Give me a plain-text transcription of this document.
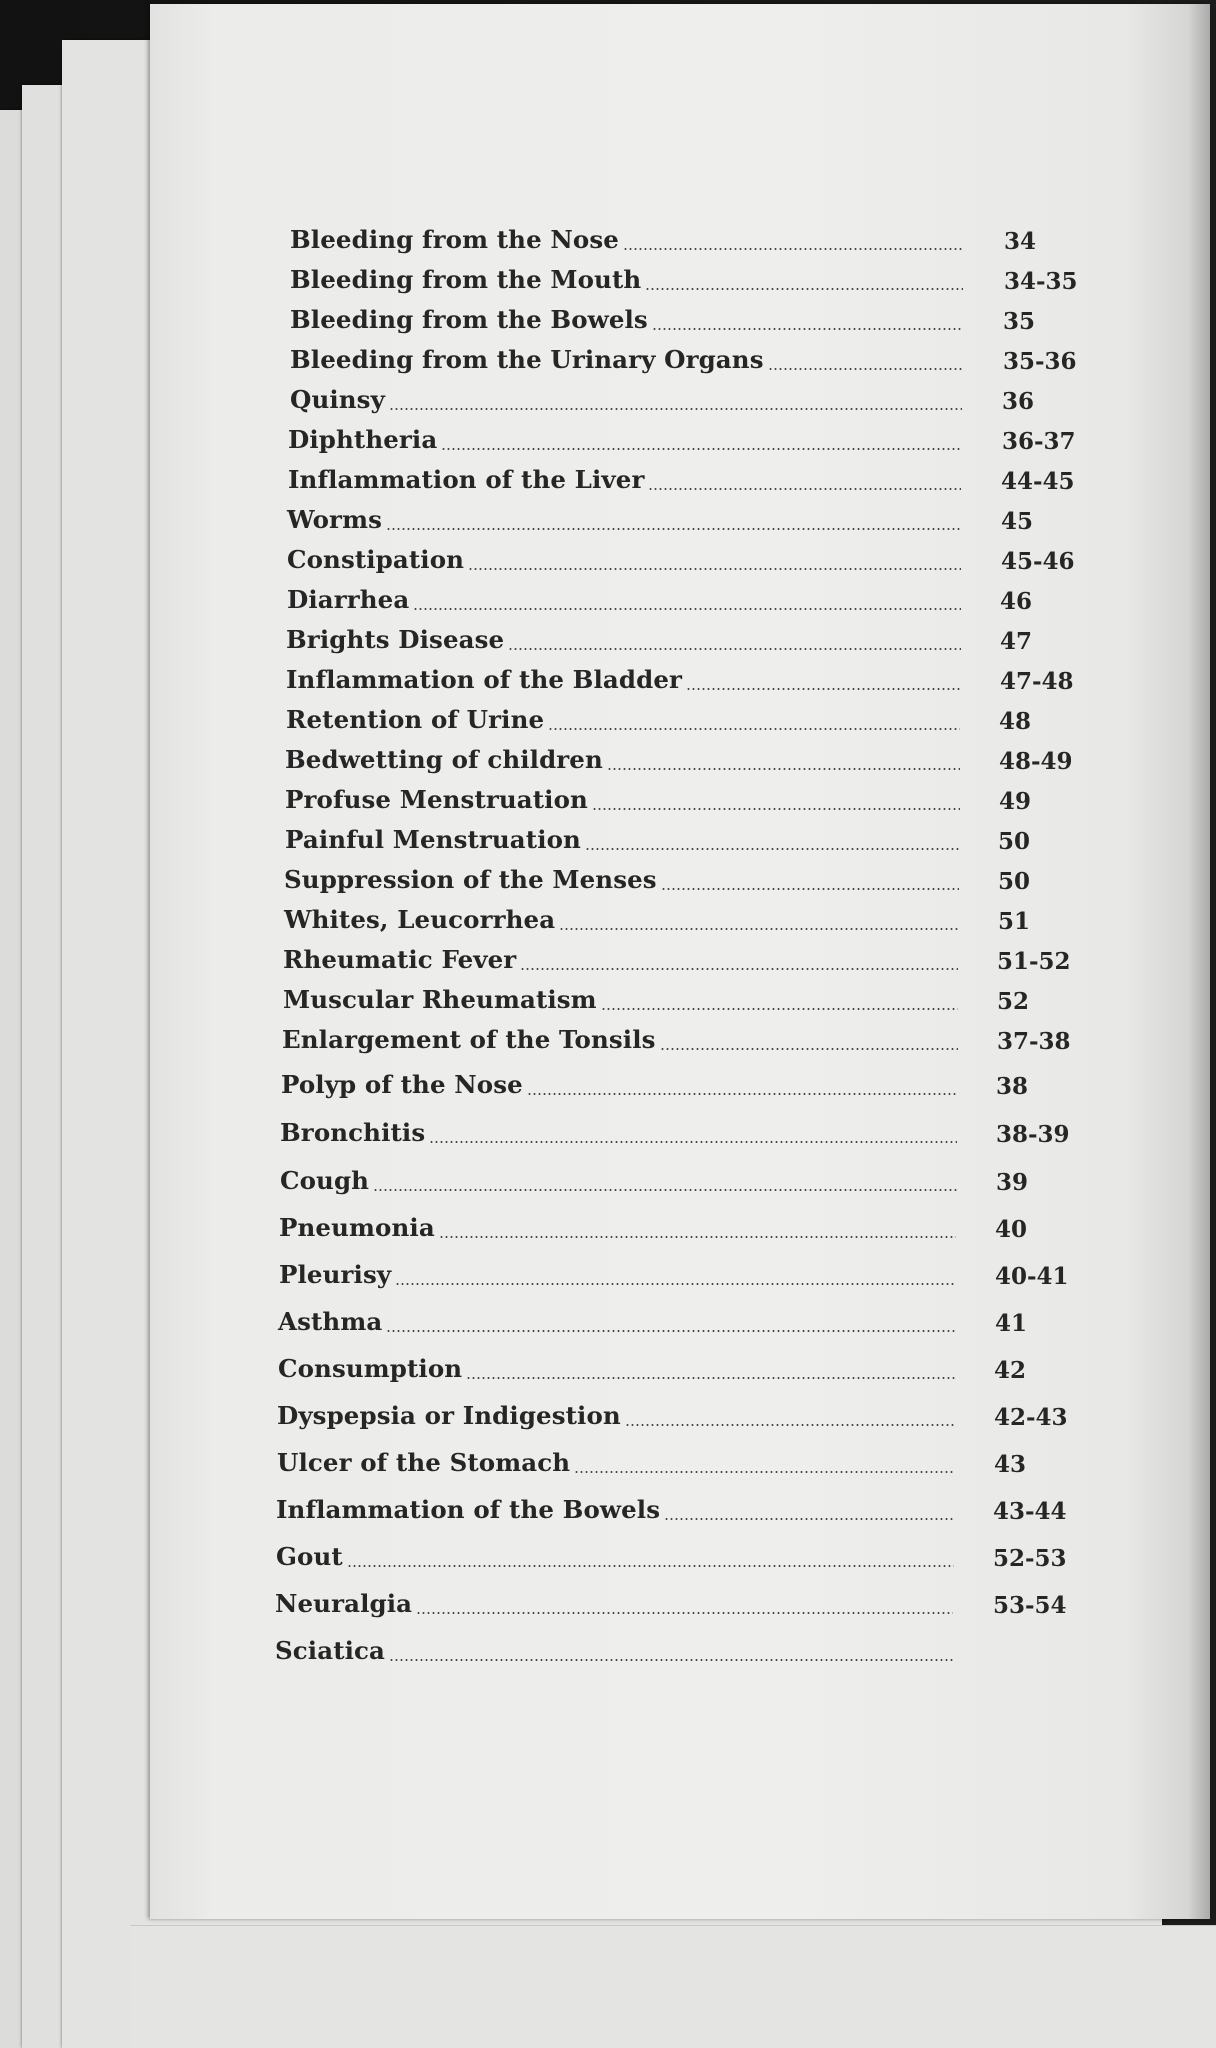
Bleeding from the Nose	34
Bleeding from the Mouth	34-35
Bleeding from the Bowels	35
Bleeding from the Urinary Organs	35-36
Quinsy	36
Diphtheria	36-37
Inflammation of the Liver	44-45
Worms	45
Constipation	45-46
Diarrhea	46
Brights Disease	47
Inflammation of the Bladder	47-48
Retention of Urine	48
Bedwetting of children	48-49
Profuse Menstruation	49
Painful Menstruation	50
Suppression of the Menses	50
Whites, Leucorrhea	51
Rheumatic Fever	51-52
Muscular Rheumatism	52
Enlargement of the Tonsils	37-38
Polyp of the Nose	38
Bronchitis	38-39
Cough	39
Pneumonia	40
Pleurisy	40-41
Asthma	41
Consumption	42
Dyspepsia or Indigestion	42-43
Ulcer of the Stomach	43
Inflammation of the Bowels	43-44
Gout	52-53
Neuralgia	53-54
Sciatica
